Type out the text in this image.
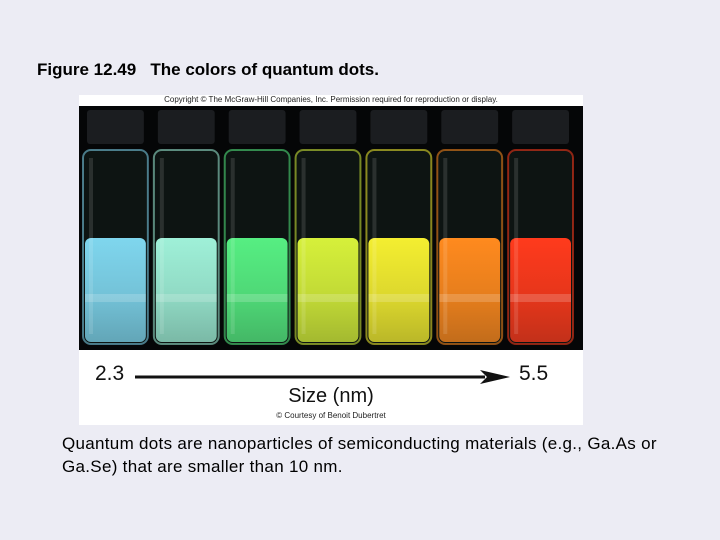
Figure 12.49   The colors of quantum dots.
Copyright © The McGraw-Hill Companies, Inc. Permission required for reproduction or display.
2.3	5.5
Size (nm)
© Courtesy of Benoit Dubertret
Quantum dots are nanoparticles of semiconducting materials (e.g., Ga.As or Ga.Se) that are smaller than 10 nm.
